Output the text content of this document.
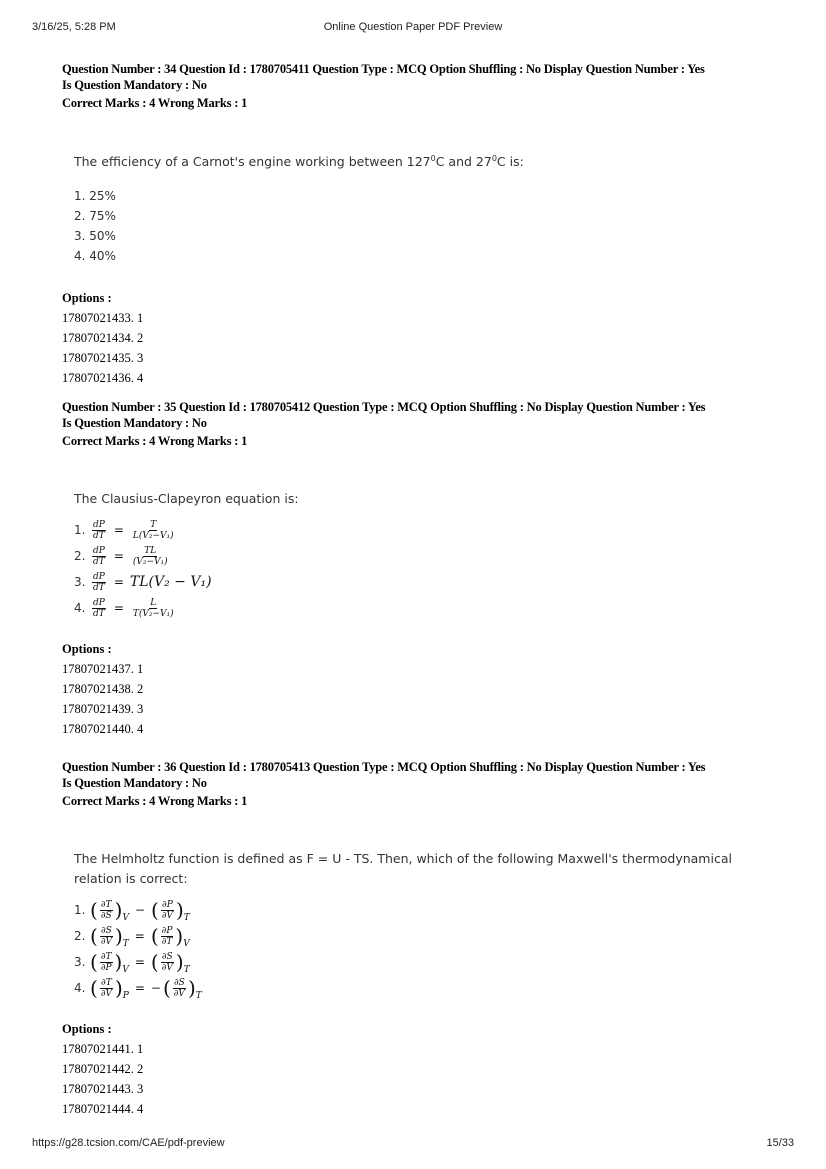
3/16/25, 5:28 PM	Online Question Paper PDF Preview
Question Number : 34 Question Id : 1780705411 Question Type : MCQ Option Shuffling : No Display Question Number : Yes
Is Question Mandatory : No
Correct Marks : 4 Wrong Marks : 1
The efficiency of a Carnot's engine working between $127^0C$ and $27^0C$ is:
1. 25%
2. 75%
3. 50%
4. 40%
Options :
17807021433. 1
17807021434. 2
17807021435. 3
17807021436. 4
Question Number : 35 Question Id : 1780705412 Question Type : MCQ Option Shuffling : No Display Question Number : Yes
Is Question Mandatory : No
Correct Marks : 4 Wrong Marks : 1
The Clausius-Clapeyron equation is:
1. $\frac{dP}{dT} = \frac{T}{\text{L(V₂−V₁)}}$
2. $\frac{dP}{dT} = \frac{TL}{\text{(V₂−V₁)}}$
3. $\frac{dP}{dT} = TL(V_2 - V_1)$
4. $\frac{dP}{dT} = \frac{L}{\text{T(V₂−V₁)}}$
Options :
17807021437. 1
17807021438. 2
17807021439. 3
17807021440. 4
Question Number : 36 Question Id : 1780705413 Question Type : MCQ Option Shuffling : No Display Question Number : Yes
Is Question Mandatory : No
Correct Marks : 4 Wrong Marks : 1
The Helmholtz function is defined as F = U - TS. Then, which of the following Maxwell's thermodynamical relation is correct:
1. ( $\frac{\partial T}{\partial S}$ ) V
− ( $\frac{\partial P}{\partial V}$ ) T
2. ( $\frac{\partial S}{\partial V}$ ) T
= ( $\frac{\partial P}{\partial T}$ ) V
3. ( $\frac{\partial T}{\partial P}$ ) V
= ( $\frac{\partial S}{\partial V}$ ) T
4. ( $\frac{\partial T}{\partial V}$ ) P
= − ( $\frac{\partial S}{\partial V}$ ) T
Options :
17807021441. 1
17807021442. 2
17807021443. 3
17807021444. 4
https://g28.tcsion.com/CAE/pdf-preview	15/33
